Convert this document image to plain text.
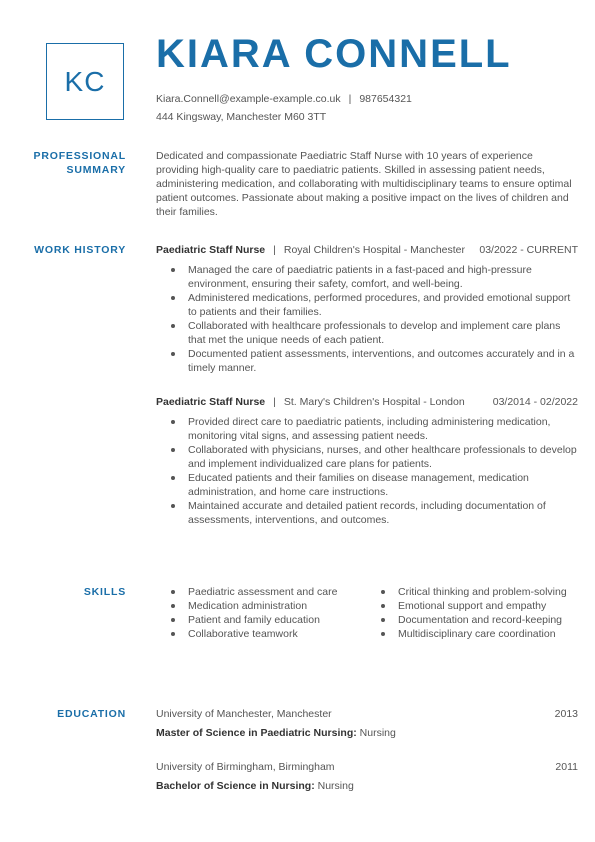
KC
KIARA CONNELL
Kiara.Connell@example-example.co.uk | 987654321
444 Kingsway, Manchester M60 3TT
PROFESSIONAL
SUMMARY

Dedicated and compassionate Paediatric Staff Nurse with 10 years of experience providing high-quality care to paediatric patients. Skilled in assessing patient needs, administering medication, and collaborating with multidisciplinary teams to ensure optimal patient outcomes. Passionate about making a positive impact on the lives of children and their families.

WORK HISTORY	Paediatric Staff Nurse | Royal Children's Hospital - Manchester 03/2022 - CURRENT
Managed the care of paediatric patients in a fast-paced and high-pressure environment, ensuring their safety, comfort, and well-being.
Administered medications, performed procedures, and provided emotional support to patients and their families.
Collaborated with healthcare professionals to develop and implement care plans that met the unique needs of each patient.
Documented patient assessments, interventions, and outcomes accurately and in a timely manner.
Paediatric Staff Nurse | St. Mary's Children's Hospital - London	03/2014 - 02/2022
Provided direct care to paediatric patients, including administering medication, monitoring vital signs, and assessing patient needs.
Collaborated with physicians, nurses, and other healthcare professionals to develop and implement individualized care plans for patients.
Educated patients and their families on disease management, medication administration, and home care instructions.
Maintained accurate and detailed patient records, including documentation of assessments, interventions, and outcomes.
SKILLS	Paediatric assessment and care
Medication administration
Patient and family education
Collaborative teamwork
Critical thinking and problem-solving
Emotional support and empathy
Documentation and record-keeping
Multidisciplinary care coordination
EDUCATION	University of Manchester, Manchester	2013
Master of Science in Paediatric Nursing: Nursing
University of Birmingham, Birmingham	2011
Bachelor of Science in Nursing: Nursing
